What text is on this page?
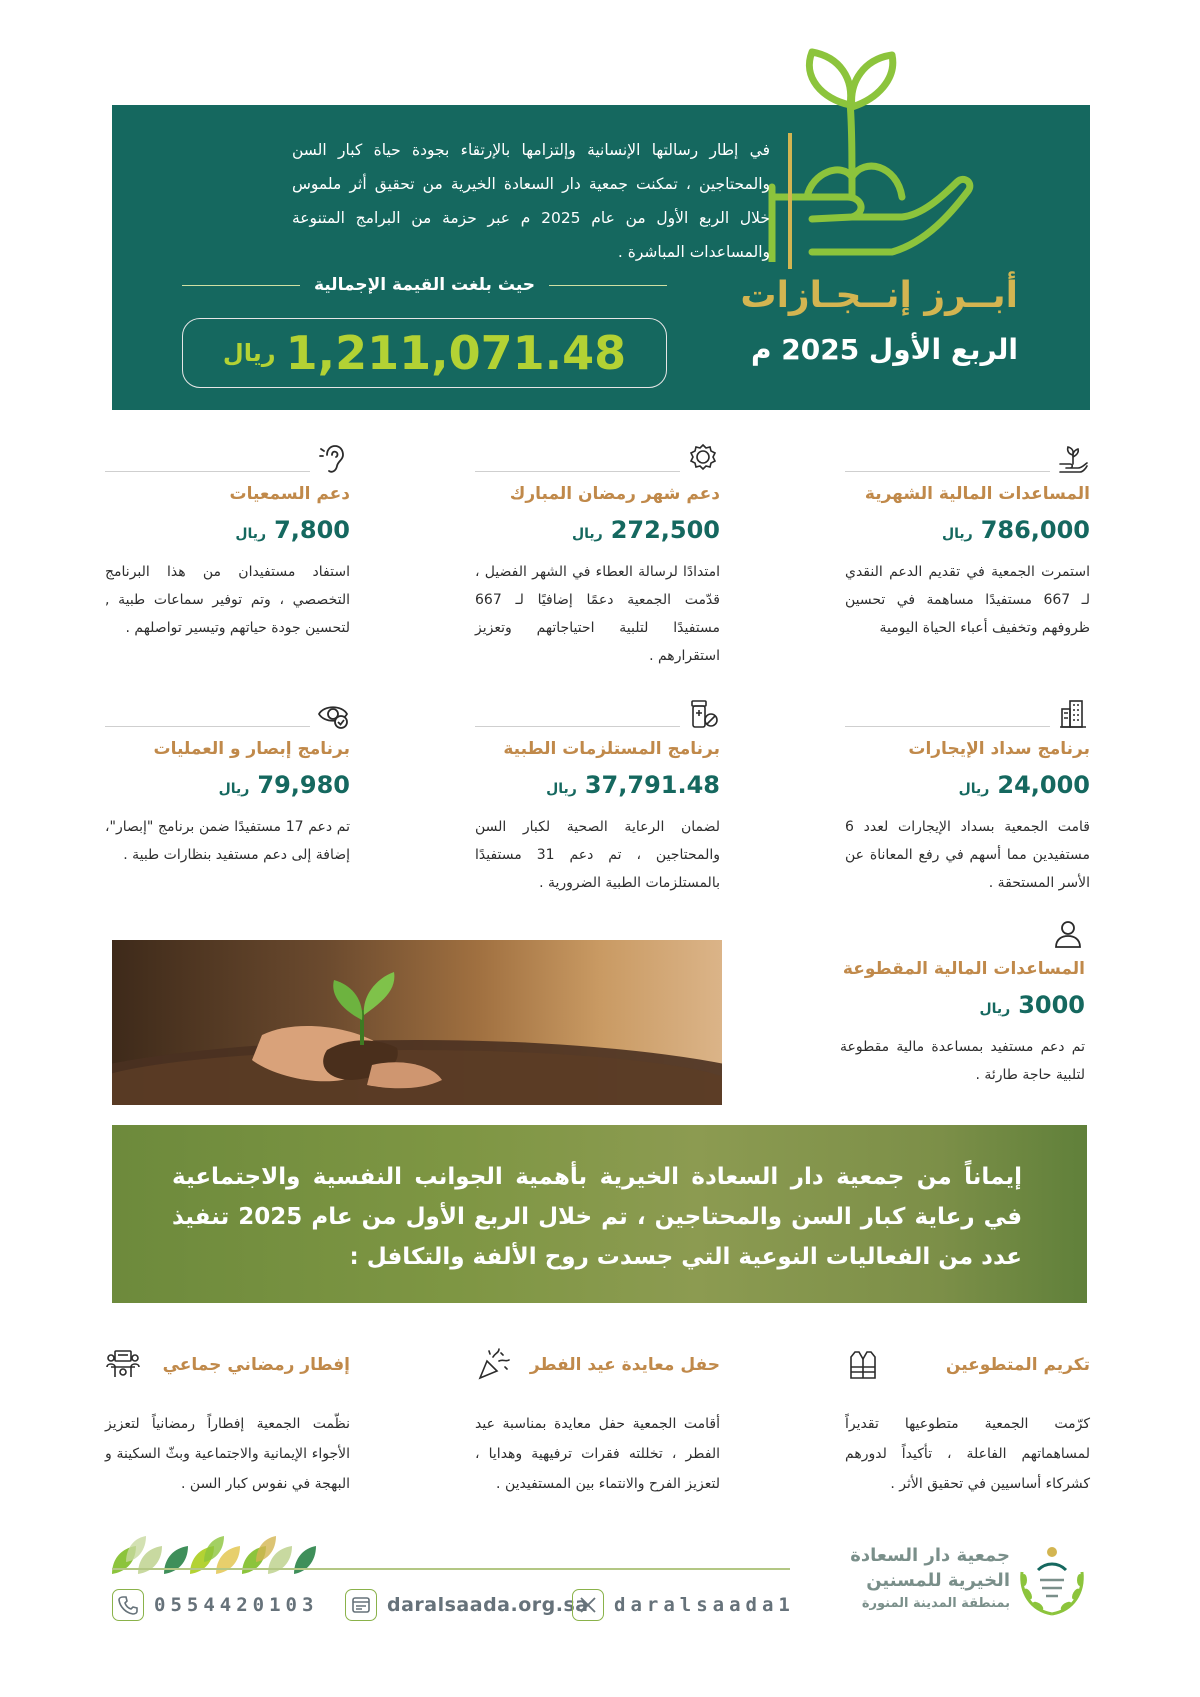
أبــرز إنــجـازات
الربع الأول 2025 م
في إطار رسالتها الإنسانية وإلتزامها بالإرتقاء بجودة حياة كبار السن والمحتاجين ، تمكنت جمعية دار السعادة الخيرية من تحقيق أثر ملموس خلال الربع الأول من عام 2025 م عبر حزمة من البرامج المتنوعة والمساعدات المباشرة .
حيث بلغت القيمة الإجمالية
1,211,071.48
ريال
المساعدات المالية الشهرية
786,000
ريال
استمرت الجمعية في تقديم الدعم النقدي لـ 667 مستفيدًا مساهمة في تحسين ظروفهم وتخفيف أعباء الحياة اليومية
دعم شهر رمضان المبارك
272,500
ريال
امتدادًا لرسالة العطاء في الشهر الفضيل ، قدّمت الجمعية دعمًا إضافيًا لـ 667 مستفيدًا لتلبية احتياجاتهم وتعزيز استقرارهم .
دعم السمعيات
7,800
ريال
استفاد مستفيدان من هذا البرنامج التخصصي ، وتم توفير سماعات طبية , لتحسين جودة حياتهم وتيسير تواصلهم .
برنامج سداد الإيجارات
24,000
ريال
قامت الجمعية بسداد الإيجارات لعدد 6 مستفيدين مما أسهم في رفع المعاناة عن الأسر المستحقة .
برنامج المستلزمات الطبية
37,791.48
ريال
لضمان الرعاية الصحية لكبار السن والمحتاجين ، تم دعم 31 مستفيدًا بالمستلزمات الطبية الضرورية .
برنامج إبصار و العمليات
79,980
ريال
تم دعم 17 مستفيدًا ضمن برنامج "إبصار"، إضافة إلى دعم مستفيد بنظارات طبية .
المساعدات المالية المقطوعة
3000
ريال
تم دعم مستفيد بمساعدة مالية مقطوعة لتلبية حاجة طارئة .
إيماناً من جمعية دار السعادة الخيرية بأهمية الجوانب النفسية والاجتماعية في رعاية كبار السن والمحتاجين ، تم خلال الربع الأول من عام 2025 تنفيذ عدد من الفعاليات النوعية التي جسدت روح الألفة والتكافل :
تكريم المتطوعين
كرّمت الجمعية متطوعيها تقديراً لمساهماتهم الفاعلة ، تأكيداً لدورهم كشركاء أساسيين في تحقيق الأثر .
حفل معايدة عيد الفطر
أقامت الجمعية حفل معايدة بمناسبة عيد الفطر ، تخللته فقرات ترفيهية وهدايا ، لتعزيز الفرح والانتماء بين المستفيدين .
إفطار رمضاني جماعي
نظّمت الجمعية إفطاراً رمضانياً لتعزيز الأجواء الإيمانية والاجتماعية وبثّ السكينة و البهجة في نفوس كبار السن .
0554420103	daralsaada.org.sa daralsaada1
جمعية دار السعادة
الخيرية للمسنين
بمنطقة المدينة المنورة
